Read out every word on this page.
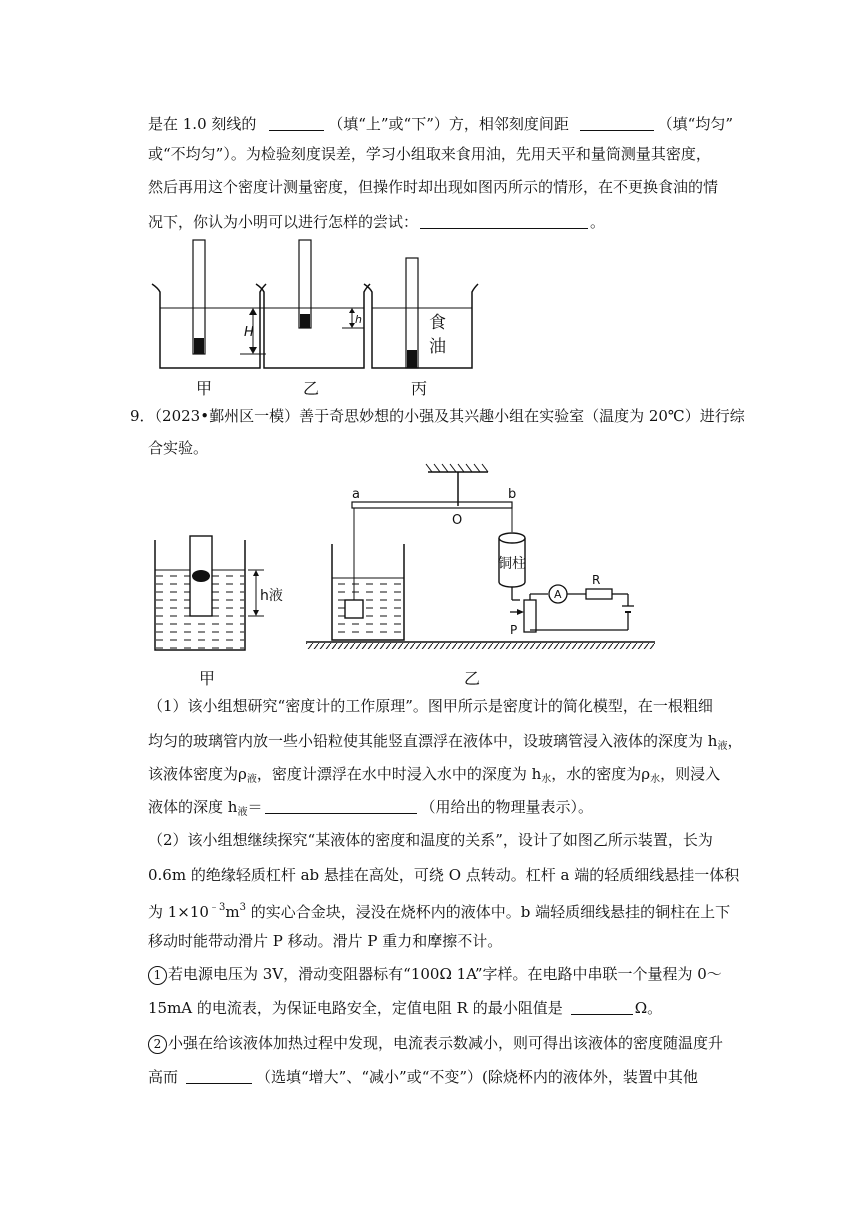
是在 1.0 刻线的	（填“上”或“下”）方，相邻刻度间距	（填“均匀”
或“不均匀”）。为检验刻度误差，学习小组取来食用油，先用天平和量筒测量其密度，
然后再用这个密度计测量密度，但操作时却出现如图丙所示的情形，在不更换食油的情
况下，你认为小明可以进行怎样的尝试：	。
H
h	食
油
甲	乙	丙
9．（2023•鄞州区一模）善于奇思妙想的小强及其兴趣小组在实验室（温度为 20℃）进行综
合实验。
h液
铜柱
A
R
P
a	b
O
甲	乙
（1）该小组想研究“密度计的工作原理”。图甲所示是密度计的简化模型，在一根粗细
均匀的玻璃管内放一些小铅粒使其能竖直漂浮在液体中，设玻璃管浸入液体的深度为 $h_液$，
该液体密度为$\rho_液$，密度计漂浮在水中时浸入水中的深度为 $h_水$，水的密度为$\rho_水$，则浸入
液体的深度 $h_液=$	（用给出的物理量表示）。
（2）该小组想继续探究“某液体的密度和温度的关系”，设计了如图乙所示装置，长为
0.6m 的绝缘轻质杠杆 ab 悬挂在高处，可绕 O 点转动。杠杆 a 端的轻质细线悬挂一体积
为 $1\times 10^{﹣3}m^3$ 的实心合金块，浸没在烧杯内的液体中。b 端轻质细线悬挂的铜柱在上下
移动时能带动滑片 P 移动。滑片 P 重力和摩擦不计。
1 若电源电压为 3V，滑动变阻器标有“100Ω 1A”字样。在电路中串联一个量程为 0～
15mA 的电流表，为保证电路安全，定值电阻 R 的最小阻值是	Ω。
2 小强在给该液体加热过程中发现，电流表示数减小，则可得出该液体的密度随温度升
高而	（选填“增大”、“减小”或“不变”）(除烧杯内的液体外，装置中其他
